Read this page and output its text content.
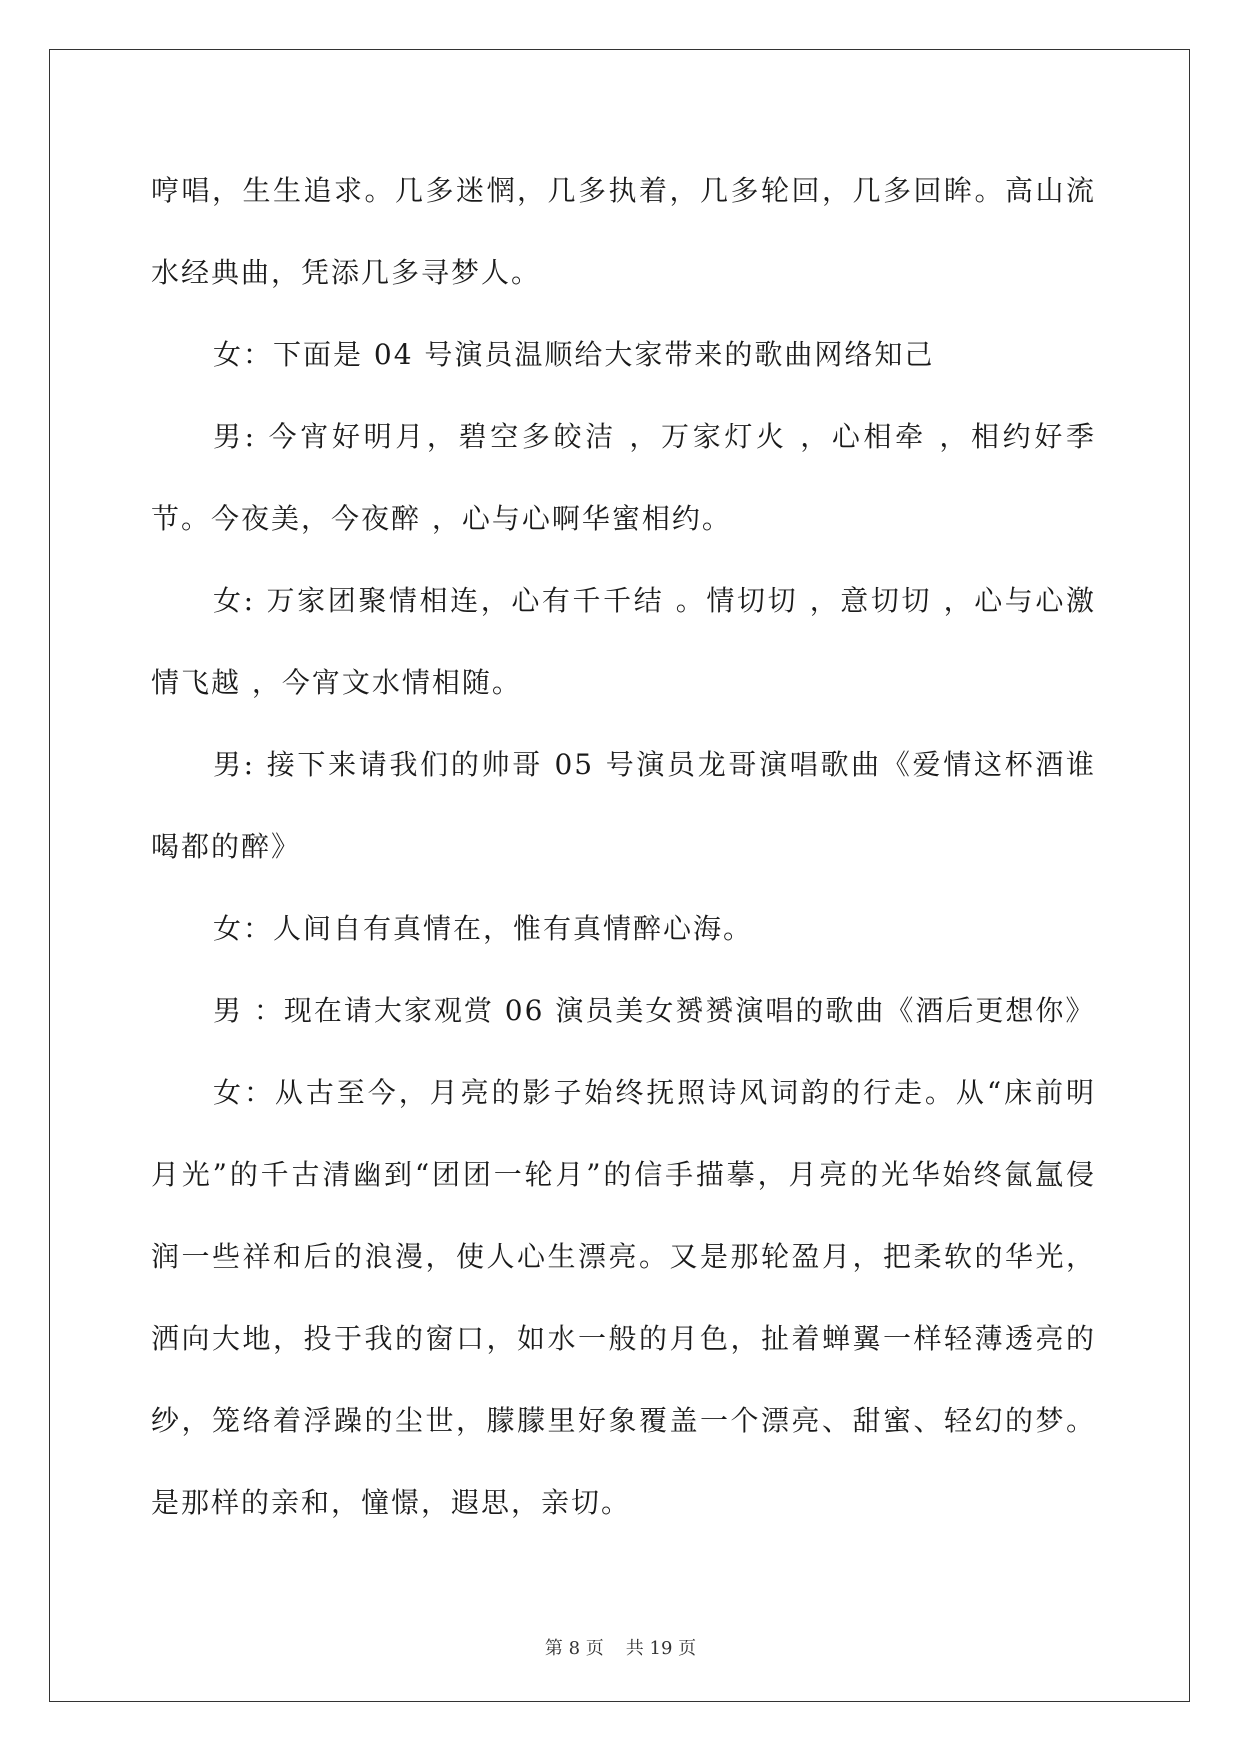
哼唱，生生追求。几多迷惘，几多执着，几多轮回，几多回眸。高山流水经典曲，凭添几多寻梦人。

女：下面是 04 号演员温顺给大家带来的歌曲网络知己

男: 今宵好明月，碧空多皎洁 ，万家灯火 ，心相牵 ，相约好季节。今夜美，今夜醉 ，心与心啊华蜜相约。

女: 万家团聚情相连，心有千千结 。情切切 ，意切切 ，心与心激情飞越 ，今宵文水情相随。

男: 接下来请我们的帅哥 05 号演员龙哥演唱歌曲《爱情这杯酒谁喝都的醉》

女：人间自有真情在，惟有真情醉心海。

男 ：现在请大家观赏 06 演员美女赟赟演唱的歌曲《酒后更想你》

女：从古至今，月亮的影子始终抚照诗风词韵的行走。从“床前明月光”的千古清幽到“团团一轮月”的信手描摹，月亮的光华始终氤氲侵润一些祥和后的浪漫，使人心生漂亮。又是那轮盈月，把柔软的华光，洒向大地，投于我的窗口，如水一般的月色，扯着蝉翼一样轻薄透亮的纱，笼络着浮躁的尘世，朦朦里好象覆盖一个漂亮、甜蜜、轻幻的梦。是那样的亲和，憧憬，遐思，亲切。

第 8 页 共 19 页
